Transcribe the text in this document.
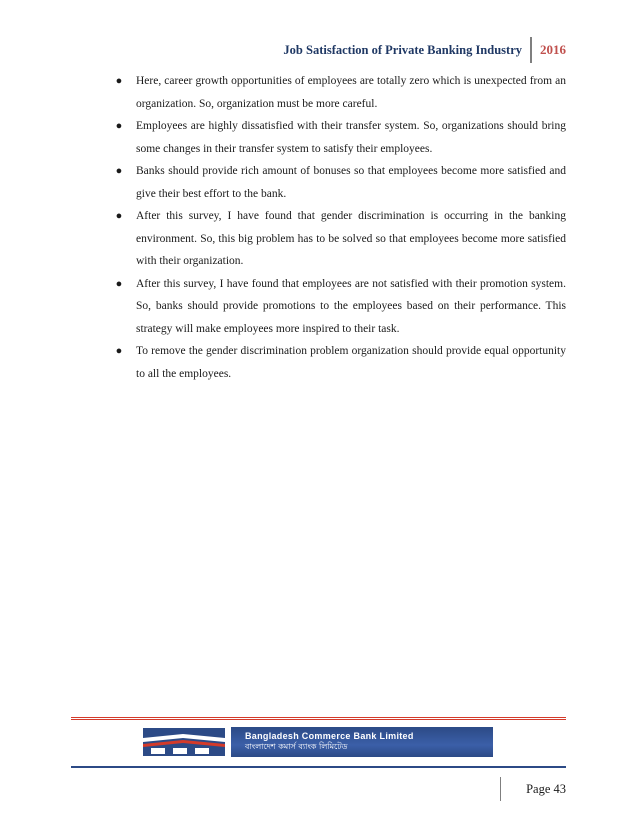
Job Satisfaction of Private Banking Industry	2016
● Here, career growth opportunities of employees are totally zero which is unexpected from an organization. So, organization must be more careful.
● Employees are highly dissatisfied with their transfer system. So, organizations should bring some changes in their transfer system to satisfy their employees.
● Banks should provide rich amount of bonuses so that employees become more satisfied and give their best effort to the bank.
● After this survey, I have found that gender discrimination is occurring in the banking environment. So, this big problem has to be solved so that employees become more satisfied with their organization.
● After this survey, I have found that employees are not satisfied with their promotion system. So, banks should provide promotions to the employees based on their performance. This strategy will make employees more inspired to their task.
● To remove the gender discrimination problem organization should provide equal opportunity to all the employees.
Bangladesh Commerce Bank Limited
বাংলাদেশ কমার্স ব্যাংক লিমিটেড
Page 43
